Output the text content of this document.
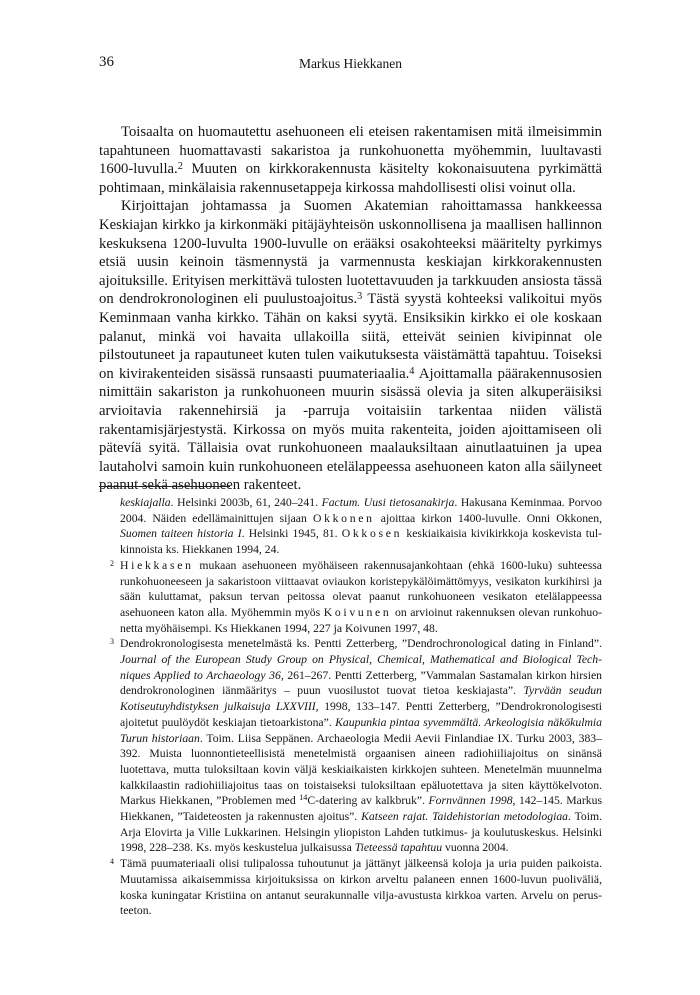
36	Markus Hiekkanen

Toisaalta on huomautettu asehuoneen eli eteisen rakentamisen mitä ilmeisimmin tapahtuneen huomattavasti sakaristoa ja runkohuonetta myöhemmin, luultavasti 1600-luvulla.$^2$ Muuten on kirkkorakennusta käsitelty kokonaisuutena pyrkimättä pohtimaan, minkälaisia rakennusetappeja kirkossa mahdollisesti olisi voinut olla.

Kirjoittajan johtamassa ja Suomen Akatemian rahoittamassa hankkeessa Keskiajan kirkko ja kirkonmäki pitäjäyhteisön uskonnollisena ja maallisen hallinnon keskuksena 1200-luvulta 1900-luvulle on erääksi osakohteeksi määritelty pyrkimys etsiä uusin keinoin täsmennystä ja varmennusta keskiajan kirkkorakennusten ajoituksille. Erityisen merkittävä tulosten luotettavuuden ja tarkkuuden ansiosta tässä on dendrokronologinen eli puulustoajoitus.$^3$ Tästä syystä kohteeksi valikoitui myös Keminmaan vanha kirkko. Tähän on kaksi syytä. Ensiksikin kirkko ei ole koskaan palanut, minkä voi havaita ullakoilla siitä, etteivät seinien kivipinnat ole pilstoutuneet ja rapautuneet kuten tulen vaikutuksesta väistämättä tapahtuu. Toiseksi on kivirakenteiden sisässä runsaasti puumateriaalia.$^4$ Ajoittamalla päärakennusosien nimittäin sakariston ja runkohuoneen muurin sisässä olevia ja siten alkuperäisiksi arvioitavia rakennehirsiä ja -parruja voitaisiin tarkentaa niiden välistä rakentamisjärjestystä. Kirkossa on myös muita rakenteita, joiden ajoittamiseen oli pätevíä syitä. Tällaisia ovat runkohuoneen maalauksiltaan ainutlaatuinen ja upea lautaholvi samoin kuin runkohuoneen etelälappeessa asehuoneen katon alla säilyneet paanut sekä asehuoneen rakenteet.

keskiajalla. Helsinki 2003b, 61, 240–241. Factum. Uusi tietosanakirja. Hakusana Keminmaa. Porvoo 2004. Näiden edellämainittujen sijaan Okkonen ajoittaa kirkon 1400-luvulle. Onni Okkonen, Suomen taiteen historia I. Helsinki 1945, 81. Okkosen keskiaikaisia kivikirkkoja koskevista tulkinnoista ks. Hiekkanen 1994, 24.

2 Hiekkasen mukaan asehuoneen myöhäiseen rakennusajankohtaan (ehkä 1600-luku) suhteessa runkohuoneeseen ja sakaristoon viittaavat oviaukon koristepykälöimättömyys, vesikaton kurkihirsi ja sään kuluttamat, paksun tervan peitossa olevat paanut runkohuoneen vesikaton etelälappeessa asehuoneen katon alla. Myöhemmin myös Koivunen on arvioinut rakennuksen olevan runkohuonetta myöhäisempi. Ks Hiekkanen 1994, 227 ja Koivunen 1997, 48.

3 Dendrokronologisesta menetelmästä ks. Pentti Zetterberg, ”Dendrochronological dating in Finland”. Journal of the European Study Group on Physical, Chemical, Mathematical and Biological Techniques Applied to Archaeology 36, 261–267. Pentti Zetterberg, ”Vammalan Sastamalan kirkon hirsien dendrokronologinen iänmääritys – puun vuosilustot tuovat tietoa keskiajasta”. Tyrvään seudun Kotiseutuyhdistyksen julkaisuja LXXVIII, 1998, 133–147. Pentti Zetterberg, ”Dendrokronologisesti ajoitetut puulöydöt keskiajan tietoarkistona”. Kaupunkia pintaa syvemmältä. Arkeologisia näkökulmia Turun historiaan. Toim. Liisa Seppänen. Archaeologia Medii Aevii Finlandiae IX. Turku 2003, 383–392. Muista luonnontieteellisistä menetelmistä orgaanisen aineen radiohiiliajoitus on sinänsä luotettava, mutta tuloksiltaan kovin väljä keskiaikaisten kirkkojen suhteen. Menetelmän muunnelma kalkkilaastin radiohiiliajoitus taas on toistaiseksi tuloksiltaan epäluotettava ja siten käyttökelvoton. Markus Hiekkanen, ”Problemen med $^{14}$C-datering av kalkbruk”. Fornvännen 1998, 142–145. Markus Hiekkanen, ”Taideteosten ja rakennusten ajoitus”. Katseen rajat. Taidehistorian metodologiaa. Toim. Arja Elovirta ja Ville Lukkarinen. Helsingin yliopiston Lahden tutkimus- ja koulutuskeskus. Helsinki 1998, 228–238. Ks. myös keskustelua julkaisussa Tieteessä tapahtuu vuonna 2004.

4 Tämä puumateriaali olisi tulipalossa tuhoutunut ja jättänyt jälkeensä koloja ja uria puiden paikoista. Muutamissa aikaisemmissa kirjoituksissa on kirkon arveltu palaneen ennen 1600-luvun puoliväliä, koska kuningatar Kristiina on antanut seurakunnalle vilja-avustusta kirkkoa varten. Arvelu on perusteeton.
